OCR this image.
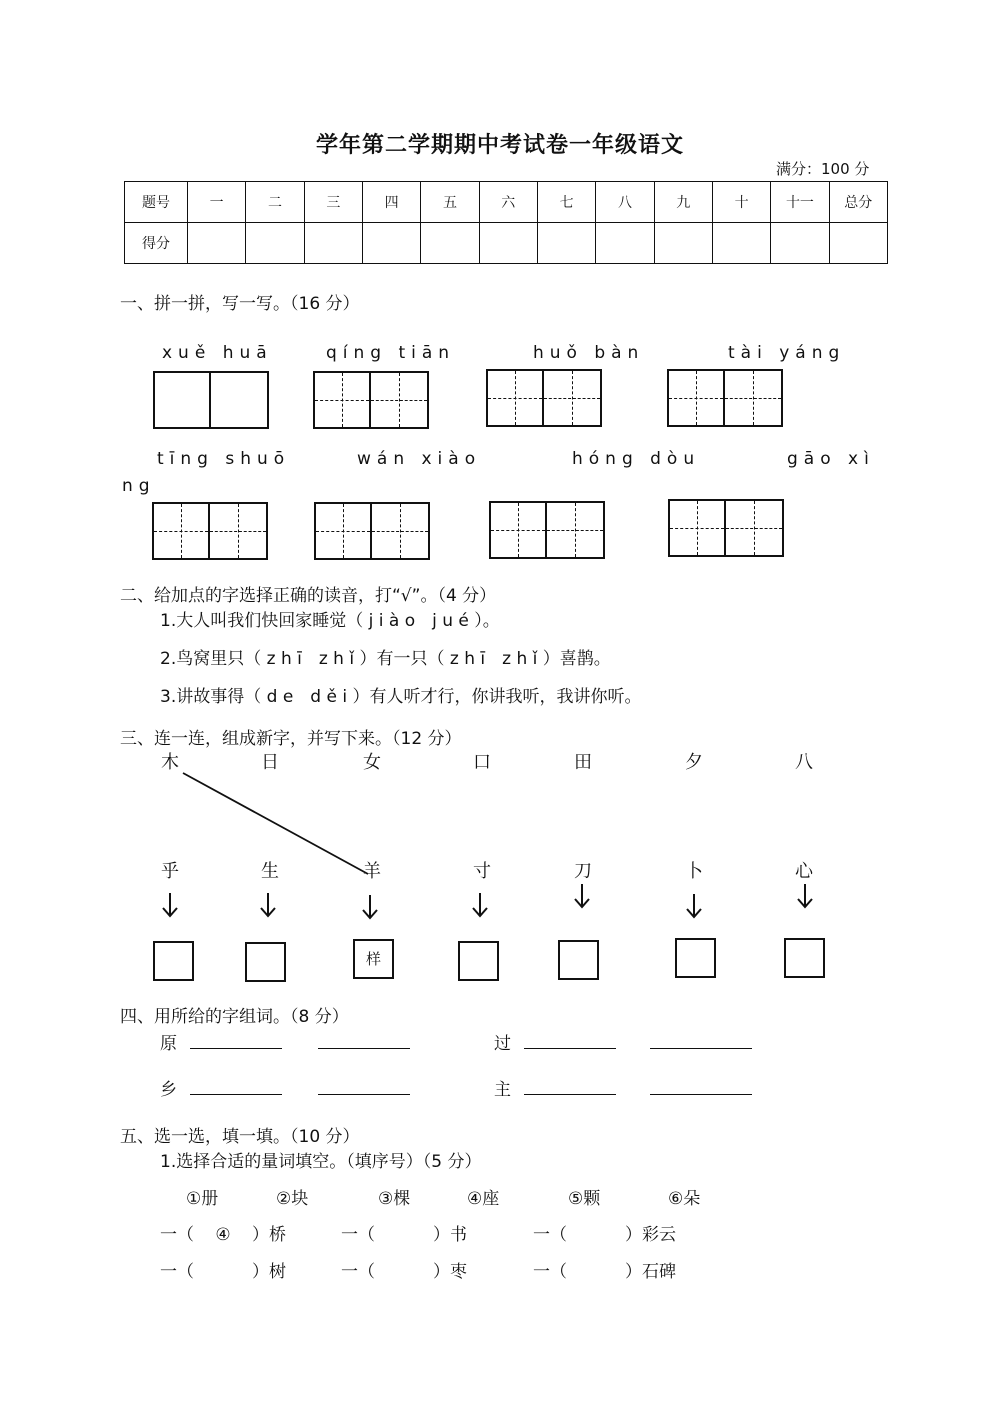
学年第二学期期中考试卷一年级语文
满分：100 分
题号	一	二	三	四	五	六	七	八	九	十	十一	总分
得分												
一、拼一拼，写一写。（16 分）
xuě huā	qíng tiān	huǒ bàn	tài yáng
tīng shuō	wán xiào	hóng dòu	gāo xì
ng
二、给加点的字选择正确的读音，打“√”。（4 分）
1.大人叫我们快回家睡觉（ j i à o　j u é ）。
2.鸟窝里只（ z h ī　z h ǐ ）有一只（ z h ī　z h ǐ ）喜鹊。
3.讲故事得（ d e　d ě i ）有人听才行，你讲我听，我讲你听。
三、连一连，组成新字，并写下来。（12 分）
木	日	女	口	田	夕	八
乎	生	羊	寸	刀	卜	心
样
四、用所给的字组词。（8 分）
原	过
乡	主
五、选一选，填一填。（10 分）
1.选择合适的量词填空。（填序号）（5 分）
①册	②块	③棵	④座	⑤颗	⑥朵
一（ ④ ）桥	一（	）书	一（	）彩云
一（	）树	一（	）枣	一（	）石碑
